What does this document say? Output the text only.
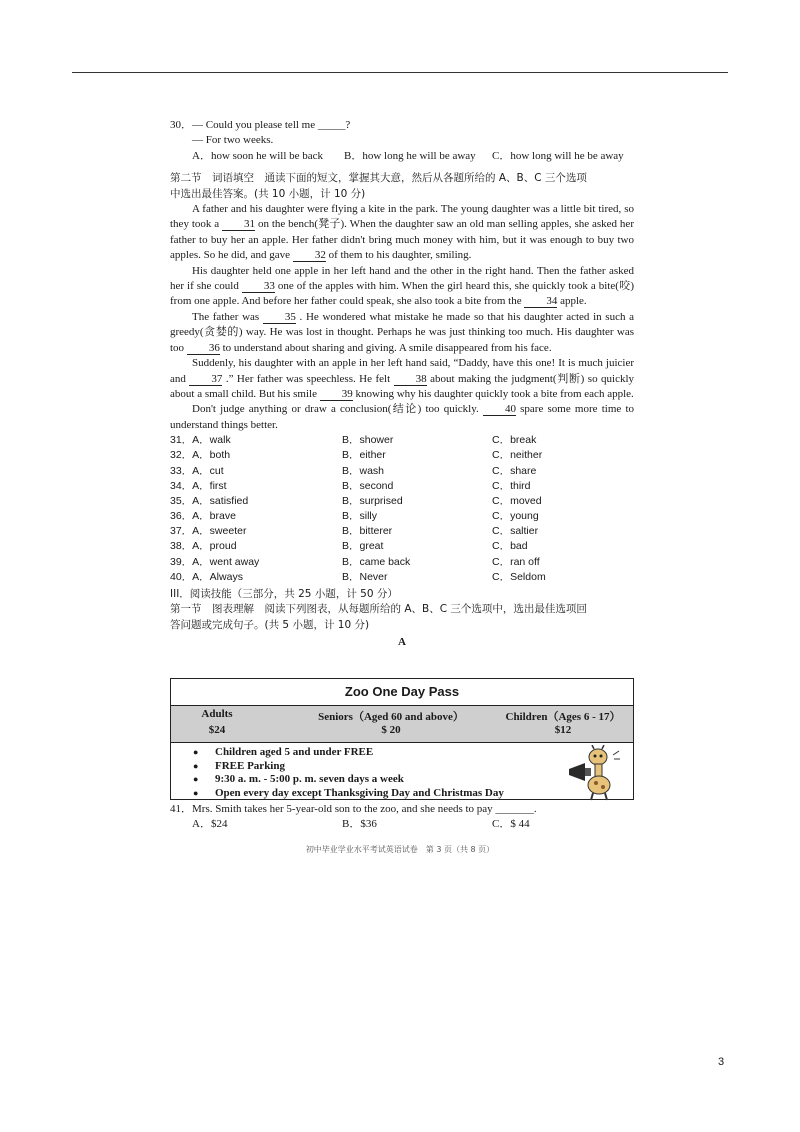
30．— Could you please tell me _____?
— For two weeks.
A．how soon he will be back	B．how long he will be away	C．how long will he be away
第二节　词语填空　通读下面的短文，掌握其大意，然后从各题所给的 A、B、C 三个选项
中选出最佳答案。(共 10 小题，计 10 分)

A father and his daughter were flying a kite in the park. The young daughter was a little bit tired, so they took a 31 on the bench(凳子). When the daughter saw an old man selling apples, she asked her father to buy her an apple. Her father didn't bring much money with him, but it was enough to buy two apples. So he did, and gave 32 of them to his daughter, smiling.

His daughter held one apple in her left hand and the other in the right hand. Then the father asked her if she could 33 one of the apples with him. When the girl heard this, she quickly took a bite(咬) from one apple. And before her father could speak, she also took a bite from the 34 apple.

The father was 35 . He wondered what mistake he made so that his daughter acted in such a greedy(贪婪的) way. He was lost in thought. Perhaps he was just thinking too much. His daughter was too 36 to understand about sharing and giving. A smile disappeared from his face.

Suddenly, his daughter with an apple in her left hand said, “Daddy, have this one! It is much juicier and 37 .” Her father was speechless. He felt 38 about making the judgment(判断) so quickly about a small child. But his smile 39 knowing why his daughter quickly took a bite from each apple.

Don't judge anything or draw a conclusion(结论) too quickly. 40 spare some more time to understand things better.

31．A．walk	B．shower	C．break
32．A．both	B．either	C．neither
33．A．cut	B．wash	C．share
34．A．first	B．second	C．third
35．A．satisfied	B．surprised	C．moved
36．A．brave	B．silly	C．young
37．A．sweeter	B．bitterer	C．saltier
38．A．proud	B．great	C．bad
39．A．went away	B．came back	C．ran off
40．A．Always	B．Never	C．Seldom
III．阅读技能（三部分，共 25 小题，计 50 分）
第一节　图表理解　阅读下列图表，从每题所给的 A、B、C 三个选项中，选出最佳选项回
答问题或完成句子。(共 5 小题，计 10 分)
A
Zoo One Day Pass
Adults
$24
Seniors（Aged 60 and above）
$ 20
Children（Ages 6 - 17）
$12
● Children aged 5 and under FREE
● FREE Parking
● 9:30 a. m. - 5:00 p. m. seven days a week
● Open every day except Thanksgiving Day and Christmas Day
41．Mrs. Smith takes her 5-year-old son to the zoo, and she needs to pay _______.
A．$24	B．$36	C．$ 44
初中毕业学业水平考试英语试卷　第 3 页（共 8 页）
3
